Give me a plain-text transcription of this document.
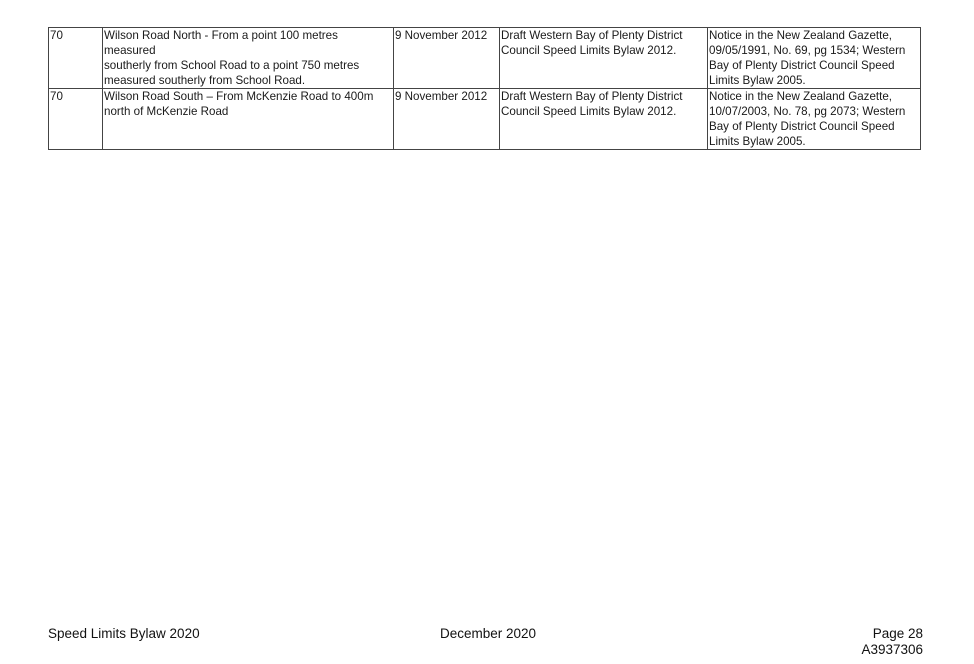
70	Wilson Road North - From a point 100 metres measured
southerly from School Road to a point 750 metres
measured southerly from School Road.	9 November 2012	Draft Western Bay of Plenty District
Council Speed Limits Bylaw 2012.	Notice in the New Zealand Gazette,
09/05/1991, No. 69, pg 1534; Western
Bay of Plenty District Council Speed
Limits Bylaw 2005.
70	Wilson Road South – From McKenzie Road to 400m
north of McKenzie Road	9 November 2012	Draft Western Bay of Plenty District
Council Speed Limits Bylaw 2012.	Notice in the New Zealand Gazette,
10/07/2003, No. 78, pg 2073; Western
Bay of Plenty District Council Speed
Limits Bylaw 2005.
Speed Limits Bylaw 2020	December 2020	Page 28
A3937306
